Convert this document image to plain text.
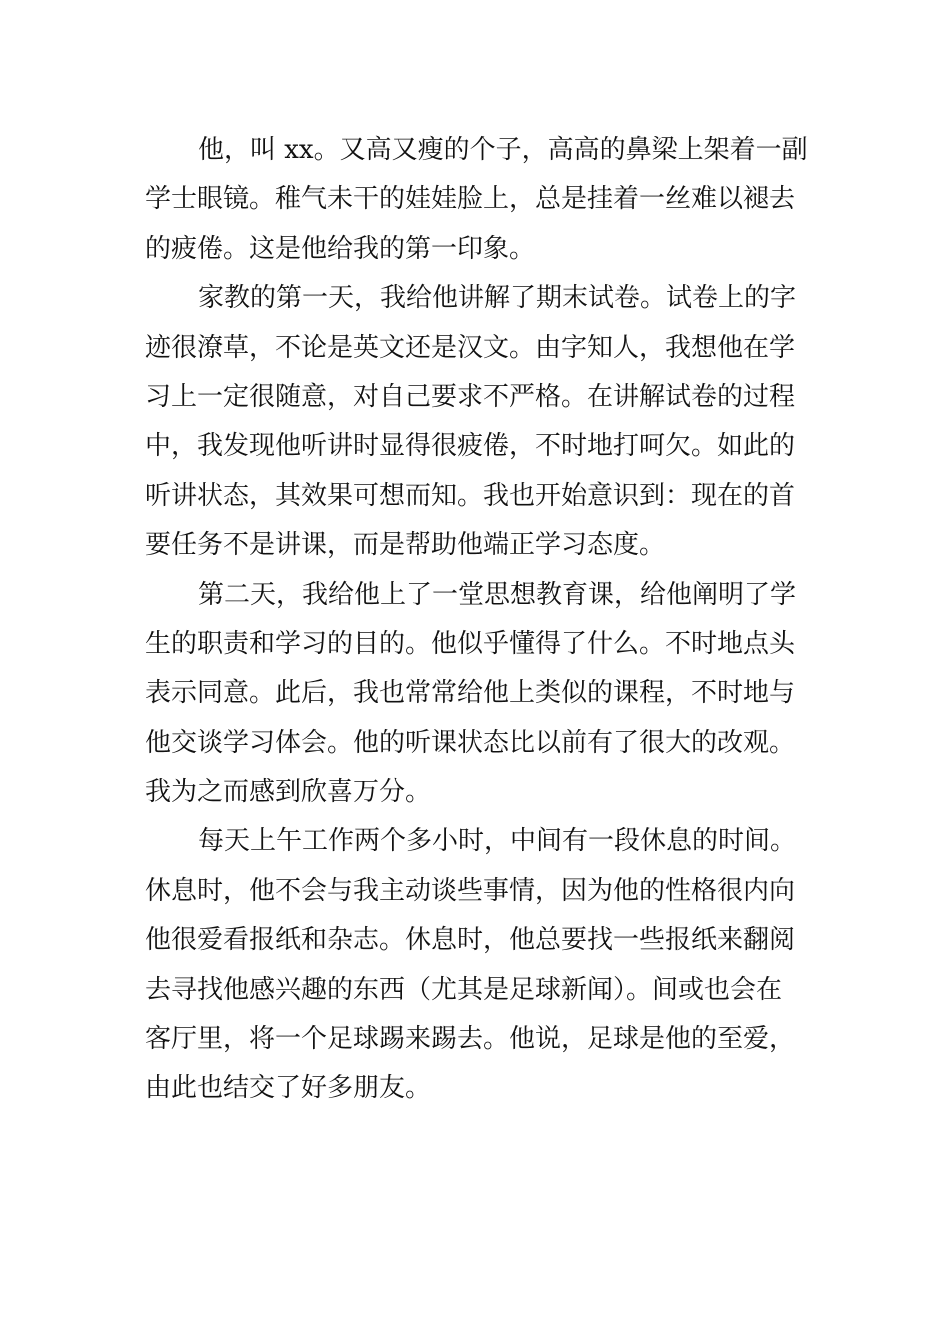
他，叫 xx。又高又瘦的个子，高高的鼻梁上架着一副
学士眼镜。稚气未干的娃娃脸上，总是挂着一丝难以褪去
的疲倦。这是他给我的第一印象。

家教的第一天，我给他讲解了期末试卷。试卷上的字
迹很潦草，不论是英文还是汉文。由字知人，我想他在学
习上一定很随意，对自己要求不严格。在讲解试卷的过程
中，我发现他听讲时显得很疲倦，不时地打呵欠。如此的
听讲状态，其效果可想而知。我也开始意识到：现在的首
要任务不是讲课，而是帮助他端正学习态度。

第二天，我给他上了一堂思想教育课，给他阐明了学
生的职责和学习的目的。他似乎懂得了什么。不时地点头
表示同意。此后，我也常常给他上类似的课程，不时地与
他交谈学习体会。他的听课状态比以前有了很大的改观。
我为之而感到欣喜万分。

每天上午工作两个多小时，中间有一段休息的时间。
休息时，他不会与我主动谈些事情，因为他的性格很内向
他很爱看报纸和杂志。休息时，他总要找一些报纸来翻阅
去寻找他感兴趣的东西（尤其是足球新闻）。间或也会在
客厅里，将一个足球踢来踢去。他说，足球是他的至爱，
由此也结交了好多朋友。
